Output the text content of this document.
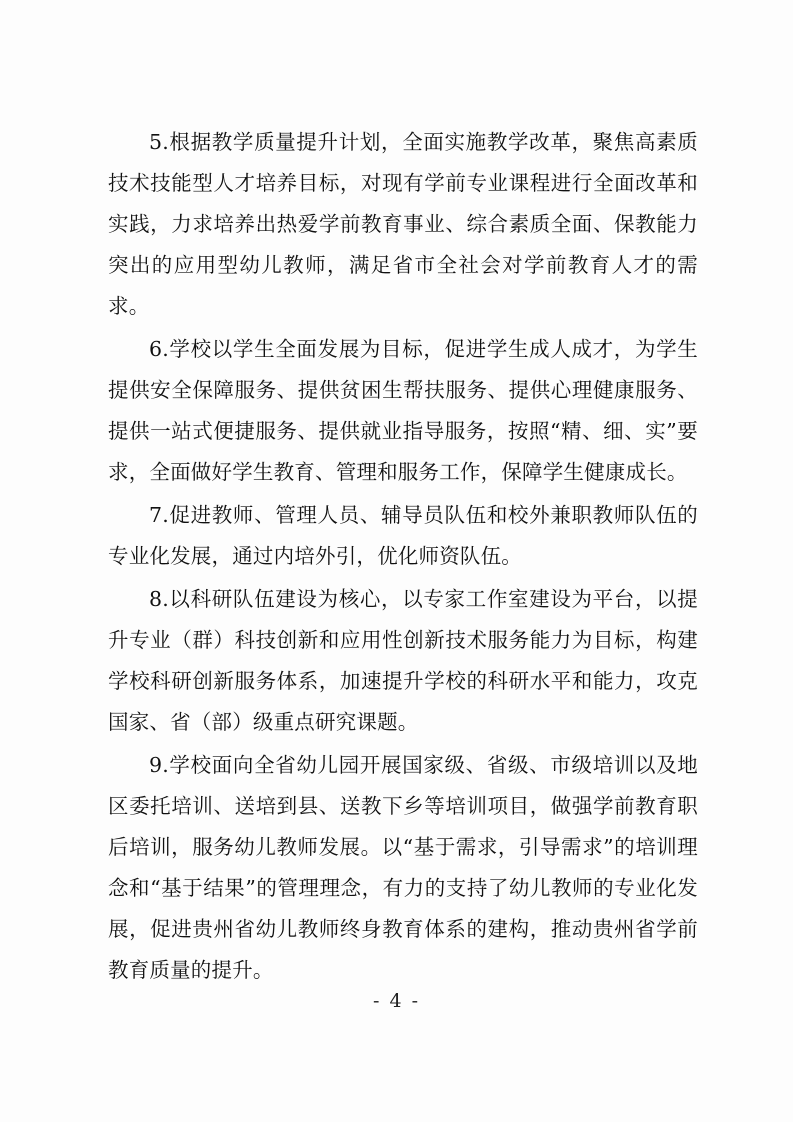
5.根据教学质量提升计划，全面实施教学改革，聚焦高素质技术技能型人才培养目标，对现有学前专业课程进行全面改革和实践，力求培养出热爱学前教育事业、综合素质全面、保教能力突出的应用型幼儿教师，满足省市全社会对学前教育人才的需求。

6.学校以学生全面发展为目标，促进学生成人成才，为学生提供安全保障服务、提供贫困生帮扶服务、提供心理健康服务、提供一站式便捷服务、提供就业指导服务，按照“精、细、实”要求，全面做好学生教育、管理和服务工作，保障学生健康成长。

7.促进教师、管理人员、辅导员队伍和校外兼职教师队伍的专业化发展，通过内培外引，优化师资队伍。

8.以科研队伍建设为核心，以专家工作室建设为平台，以提升专业（群）科技创新和应用性创新技术服务能力为目标，构建学校科研创新服务体系，加速提升学校的科研水平和能力，攻克国家、省（部）级重点研究课题。

9.学校面向全省幼儿园开展国家级、省级、市级培训以及地区委托培训、送培到县、送教下乡等培训项目，做强学前教育职后培训，服务幼儿教师发展。以“基于需求，引导需求”的培训理念和“基于结果”的管理理念，有力的支持了幼儿教师的专业化发展，促进贵州省幼儿教师终身教育体系的建构，推动贵州省学前教育质量的提升。

- 4 -
